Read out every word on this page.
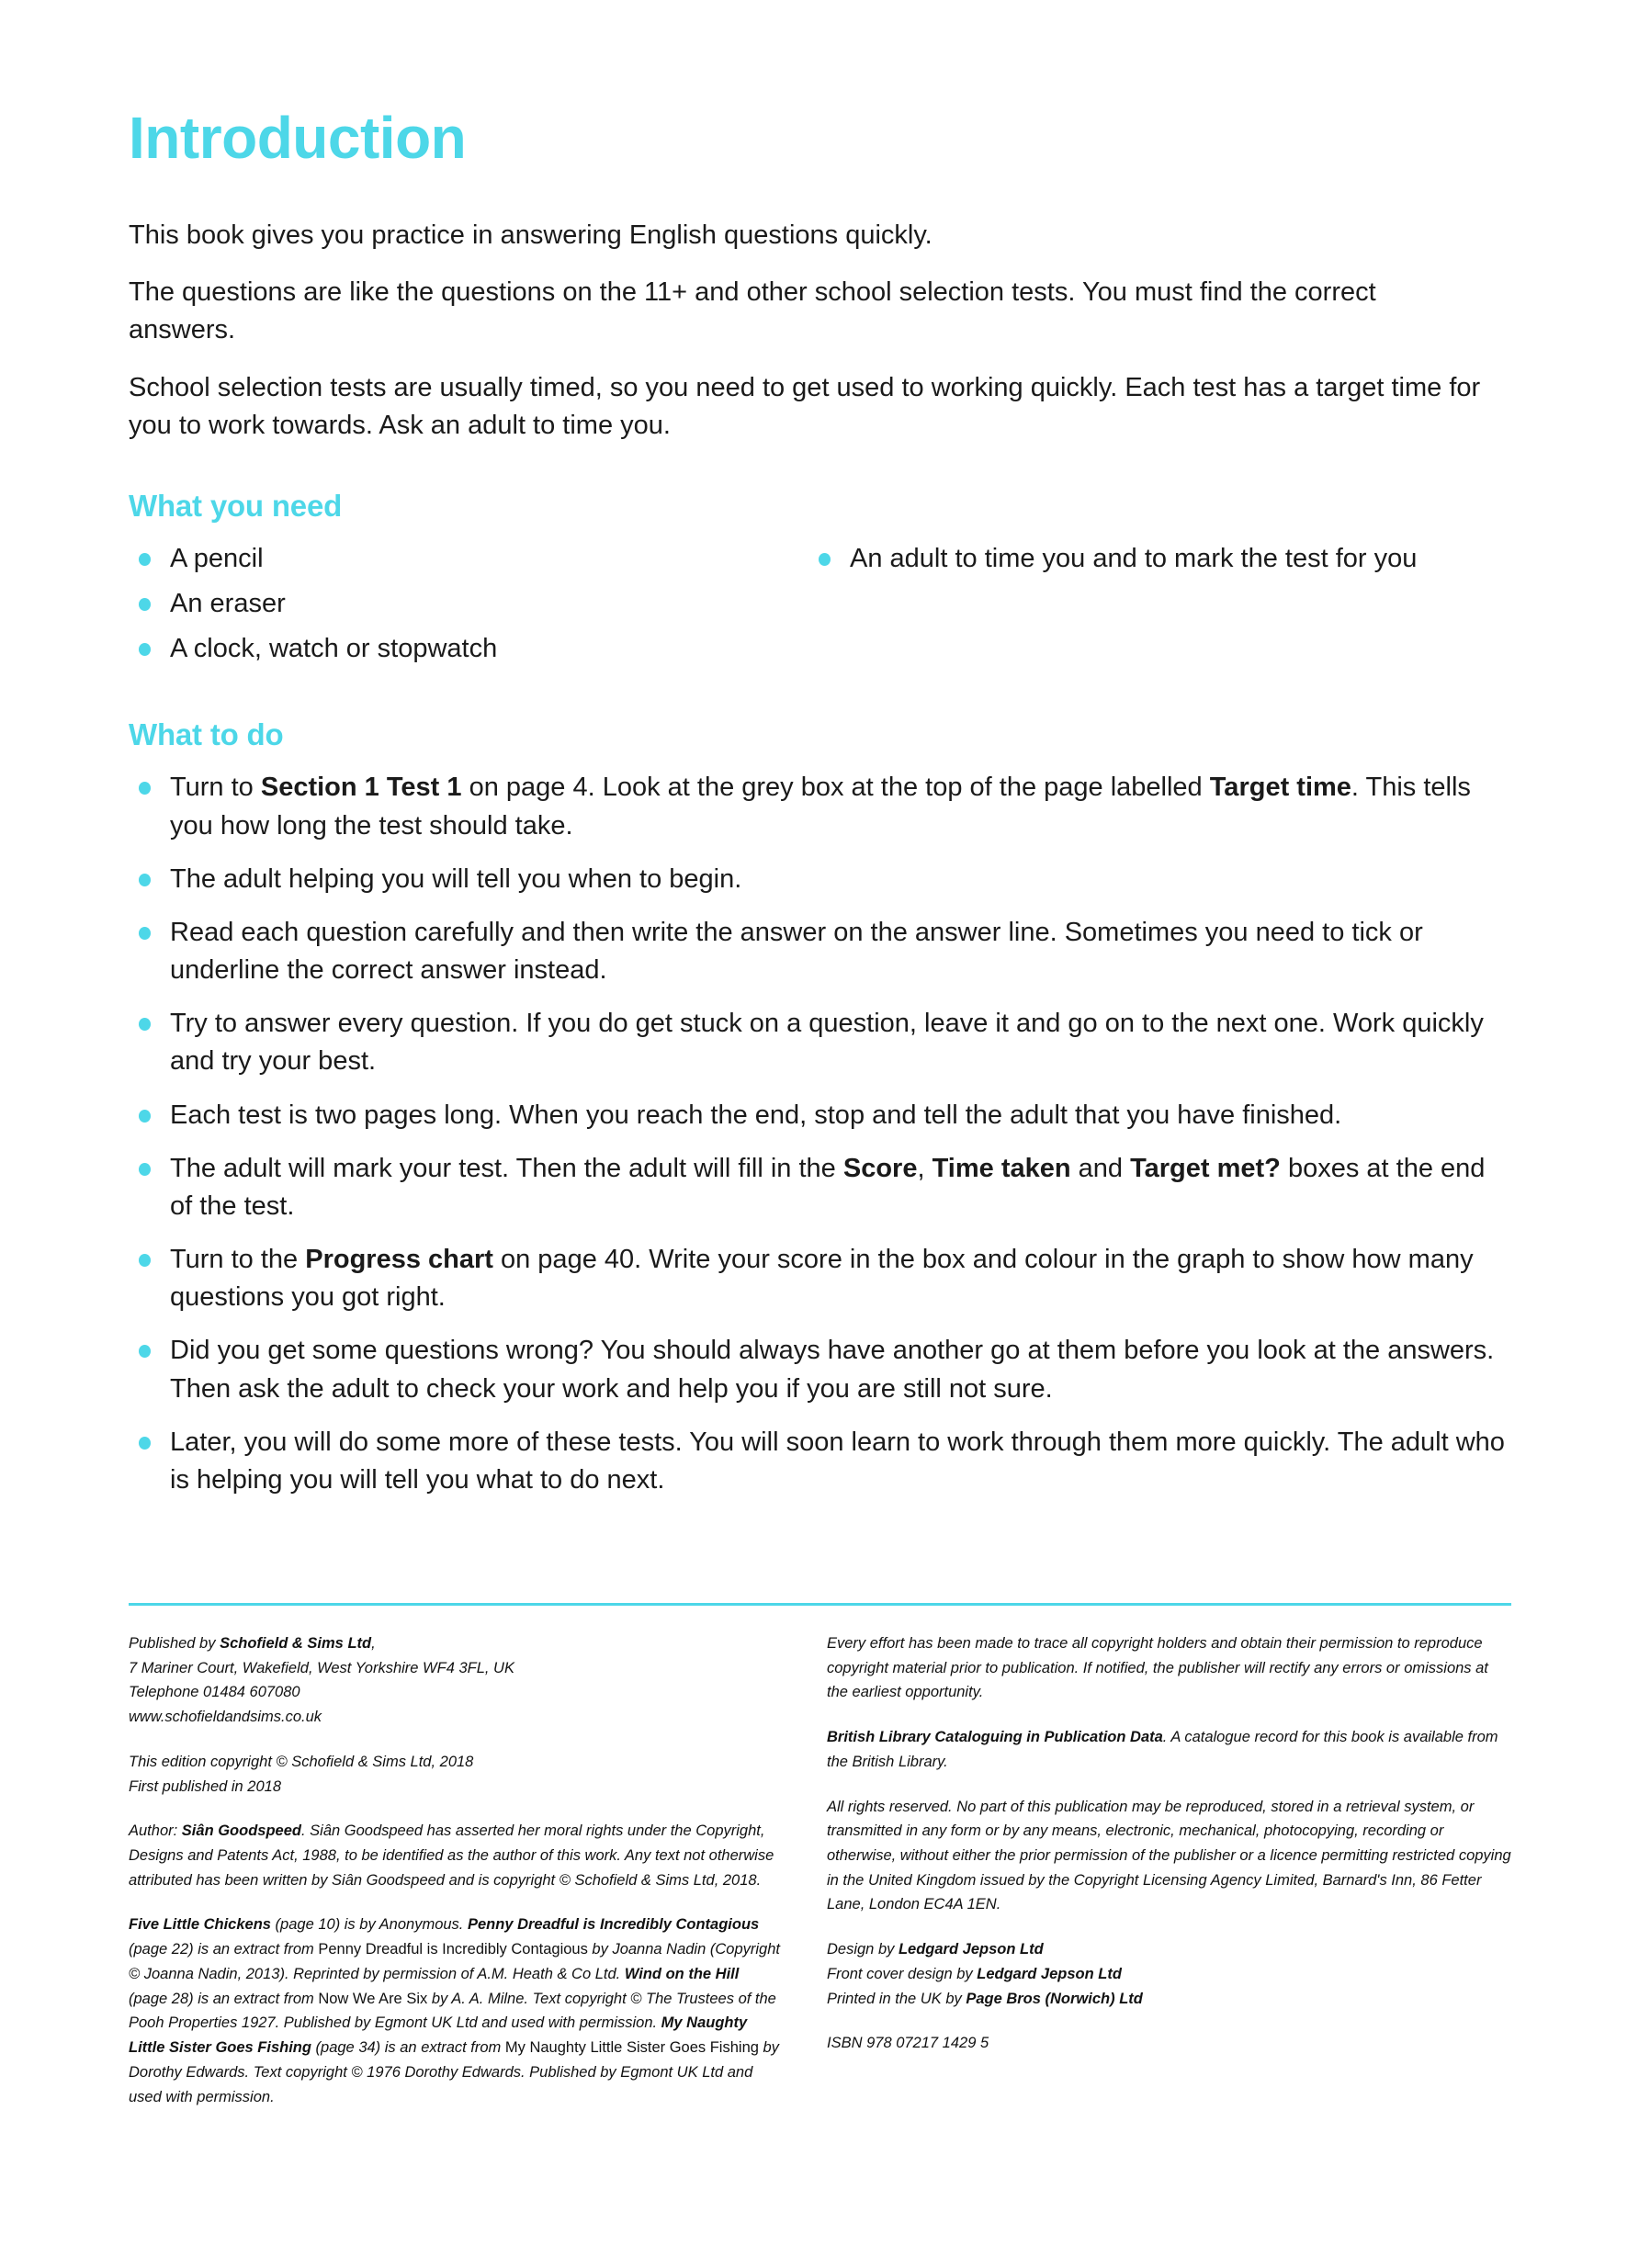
Introduction

This book gives you practice in answering English questions quickly.

The questions are like the questions on the 11+ and other school selection tests. You must find the correct answers.

School selection tests are usually timed, so you need to get used to working quickly. Each test has a target time for you to work towards. Ask an adult to time you.

What you need
A pencil
An eraser
A clock, watch or stopwatch
An adult to time you and to mark the test for you
What to do
Turn to Section 1 Test 1 on page 4. Look at the grey box at the top of the page labelled Target time. This tells you how long the test should take.
The adult helping you will tell you when to begin.
Read each question carefully and then write the answer on the answer line. Sometimes you need to tick or underline the correct answer instead.
Try to answer every question. If you do get stuck on a question, leave it and go on to the next one. Work quickly and try your best.
Each test is two pages long. When you reach the end, stop and tell the adult that you have finished.
The adult will mark your test. Then the adult will fill in the Score, Time taken and Target met? boxes at the end of the test.
Turn to the Progress chart on page 40. Write your score in the box and colour in the graph to show how many questions you got right.
Did you get some questions wrong? You should always have another go at them before you look at the answers. Then ask the adult to check your work and help you if you are still not sure.
Later, you will do some more of these tests. You will soon learn to work through them more quickly. The adult who is helping you will tell you what to do next.

Published by Schofield & Sims Ltd,
7 Mariner Court, Wakefield, West Yorkshire WF4 3FL, UK
Telephone 01484 607080
www.schofieldandsims.co.uk

This edition copyright © Schofield & Sims Ltd, 2018
First published in 2018

Author: Siân Goodspeed. Siân Goodspeed has asserted her moral rights under the Copyright, Designs and Patents Act, 1988, to be identified as the author of this work. Any text not otherwise attributed has been written by Siân Goodspeed and is copyright © Schofield & Sims Ltd, 2018.

Five Little Chickens (page 10) is by Anonymous. Penny Dreadful is Incredibly Contagious (page 22) is an extract from Penny Dreadful is Incredibly Contagious by Joanna Nadin (Copyright © Joanna Nadin, 2013). Reprinted by permission of A.M. Heath & Co Ltd. Wind on the Hill (page 28) is an extract from Now We Are Six by A. A. Milne. Text copyright © The Trustees of the Pooh Properties 1927. Published by Egmont UK Ltd and used with permission. My Naughty Little Sister Goes Fishing (page 34) is an extract from My Naughty Little Sister Goes Fishing by Dorothy Edwards. Text copyright © 1976 Dorothy Edwards. Published by Egmont UK Ltd and used with permission.

Every effort has been made to trace all copyright holders and obtain their permission to reproduce copyright material prior to publication. If notified, the publisher will rectify any errors or omissions at the earliest opportunity.

British Library Cataloguing in Publication Data. A catalogue record for this book is available from the British Library.

All rights reserved. No part of this publication may be reproduced, stored in a retrieval system, or transmitted in any form or by any means, electronic, mechanical, photocopying, recording or otherwise, without either the prior permission of the publisher or a licence permitting restricted copying in the United Kingdom issued by the Copyright Licensing Agency Limited, Barnard's Inn, 86 Fetter Lane, London EC4A 1EN.

Design by Ledgard Jepson Ltd
Front cover design by Ledgard Jepson Ltd
Printed in the UK by Page Bros (Norwich) Ltd

ISBN 978 07217 1429 5
